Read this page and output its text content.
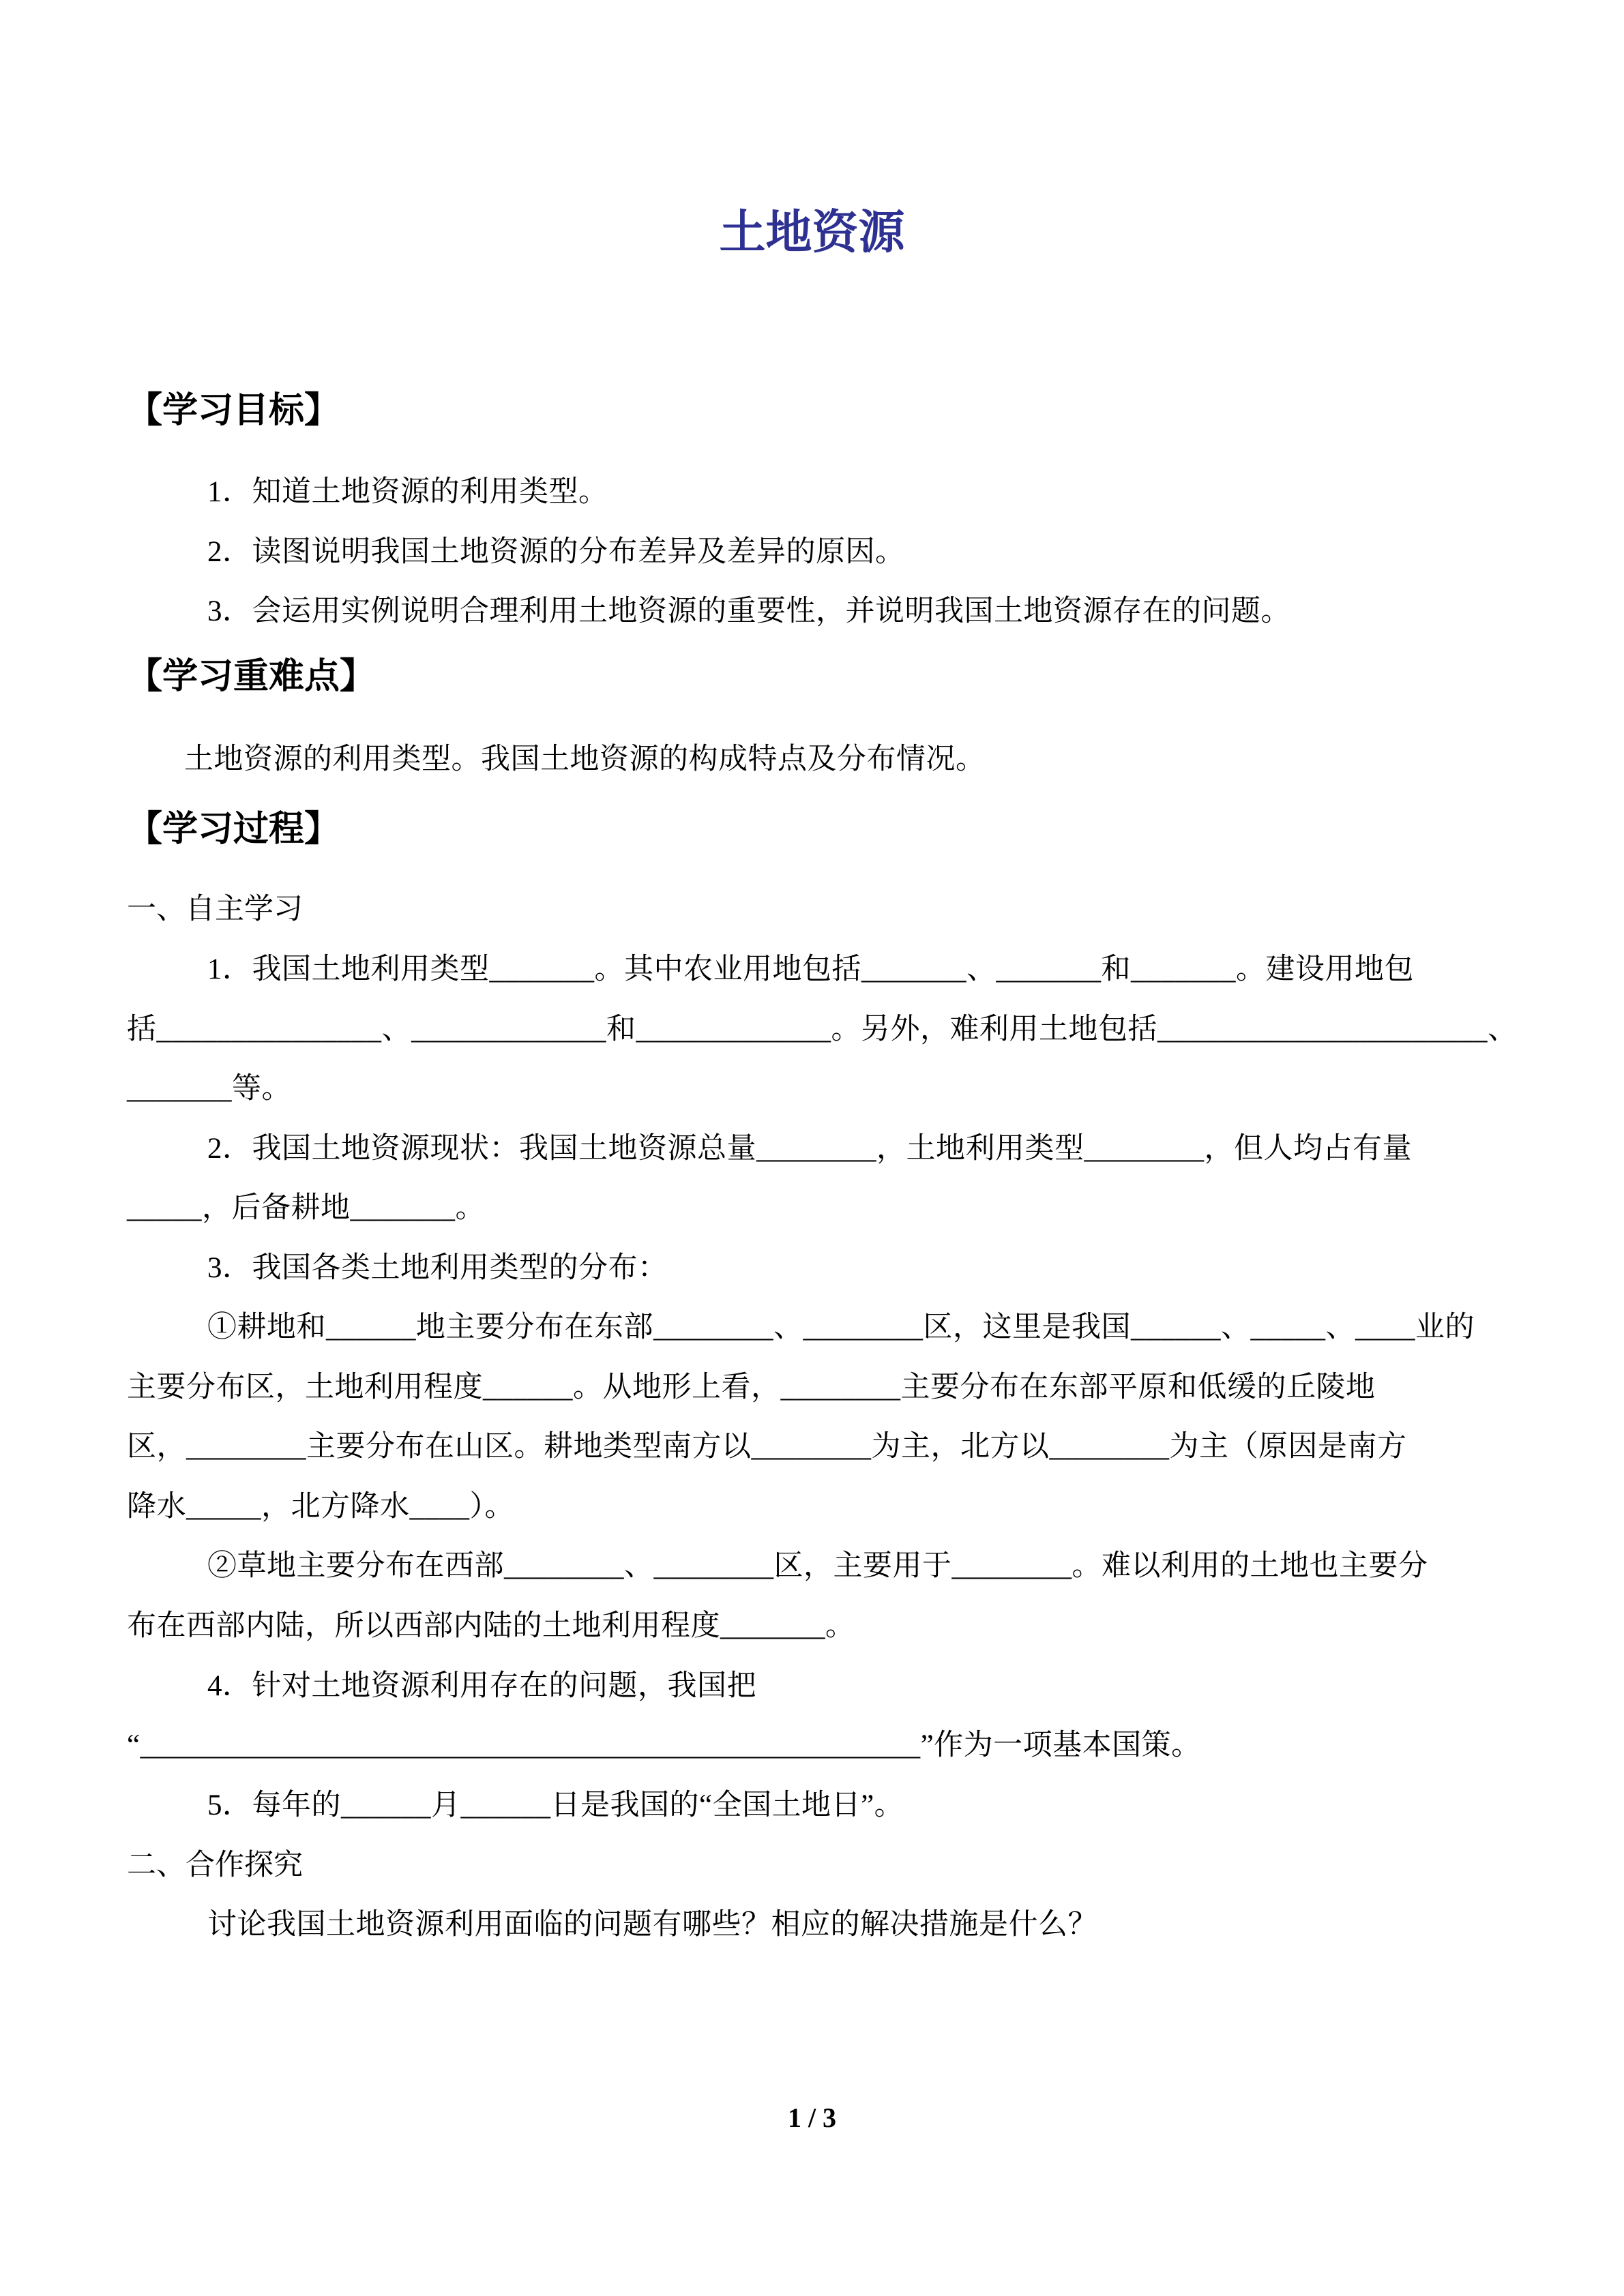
土地资源
【学习目标】
1．知道土地资源的利用类型。
2．读图说明我国土地资源的分布差异及差异的原因。
3．会运用实例说明合理利用土地资源的重要性，并说明我国土地资源存在的问题。
【学习重难点】
土地资源的利用类型。我国土地资源的构成特点及分布情况。
【学习过程】
一、自主学习
1．我国土地利用类型_______。其中农业用地包括_______、_______和_______。建设用地包
括_______________、_____________和_____________。另外，难利用土地包括______________________、
_______等。
2．我国土地资源现状：我国土地资源总量________，土地利用类型________，但人均占有量
_____，后备耕地_______。
3．我国各类土地利用类型的分布：
①耕地和______地主要分布在东部________、________区，这里是我国______、_____、____业的
主要分布区，土地利用程度______。从地形上看，________主要分布在东部平原和低缓的丘陵地
区，________主要分布在山区。耕地类型南方以________为主，北方以________为主（原因是南方
降水_____，北方降水____）。
②草地主要分布在西部________、________区，主要用于________。难以利用的土地也主要分
布在西部内陆，所以西部内陆的土地利用程度_______。
4．针对土地资源利用存在的问题，我国把
“____________________________________________________”作为一项基本国策。
5．每年的______月______日是我国的“全国土地日”。
二、合作探究
讨论我国土地资源利用面临的问题有哪些？相应的解决措施是什么？
1 / 3
